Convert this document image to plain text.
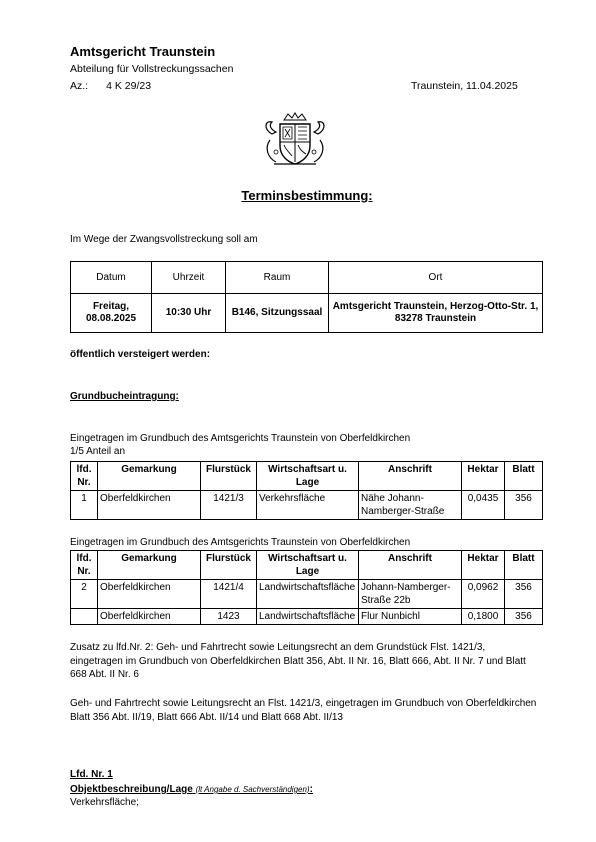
Amtsgericht Traunstein
Abteilung für Vollstreckungssachen
Az.: 4 K 29/23	Traunstein, 11.04.2025
Terminsbestimmung:
Im Wege der Zwangsvollstreckung soll am
Datum	Uhrzeit	Raum	Ort
Freitag, 08.08.2025	10:30 Uhr	B146, Sitzungssaal	Amtsgericht Traunstein, Herzog-Otto-Str. 1, 83278 Traunstein
öffentlich versteigert werden:
Grundbucheintragung:
Eingetragen im Grundbuch des Amtsgerichts Traunstein von Oberfeldkirchen
1/5 Anteil an
lfd. Nr.	Gemarkung	Flurstück	Wirtschaftsart u. Lage	Anschrift	Hektar	Blatt
1	Oberfeldkirchen	1421/3	Verkehrsfläche	Nähe Johann-Namberger-Straße	0,0435	356
Eingetragen im Grundbuch des Amtsgerichts Traunstein von Oberfeldkirchen
lfd. Nr.	Gemarkung	Flurstück	Wirtschaftsart u. Lage	Anschrift	Hektar	Blatt
2	Oberfeldkirchen	1421/4	Landwirtschaftsfläche	Johann-Namberger-Straße 22b	0,0962	356
	Oberfeldkirchen	1423	Landwirtschaftsfläche	Flur Nunbichl	0,1800	356
Zusatz zu lfd.Nr. 2: Geh- und Fahrtrecht sowie Leitungsrecht an dem Grundstück Flst. 1421/3, eingetragen im Grundbuch von Oberfeldkirchen Blatt 356, Abt. II Nr. 16, Blatt 666, Abt. II Nr. 7 und Blatt 668 Abt. II Nr. 6
Geh- und Fahrtrecht sowie Leitungsrecht an Flst. 1421/3, eingetragen im Grundbuch von Oberfeldkirchen Blatt 356 Abt. II/19, Blatt 666 Abt. II/14 und Blatt 668 Abt. II/13
Lfd. Nr. 1
Objektbeschreibung/Lage (lt Angabe d. Sachverständigen):
Verkehrsfläche;
